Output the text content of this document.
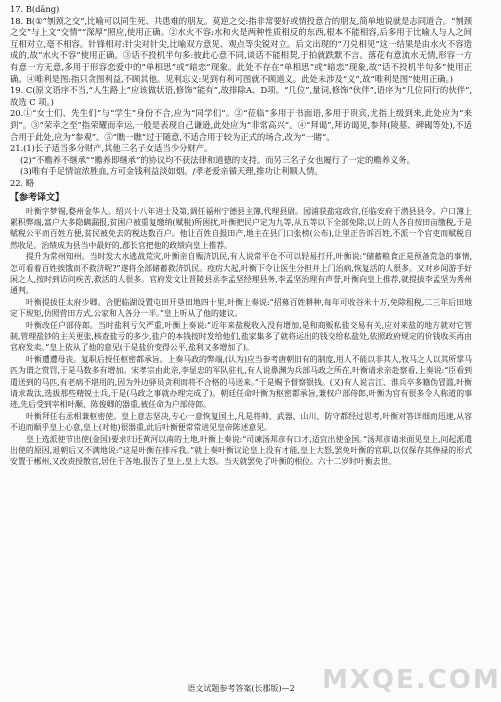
17. B(dāng)

18. B(①“刎颈之交”,比喻可以同生死、共患难的朋友。莫逆之交:指非常要好或情投意合的朋友,简单地说就是志同道合。“刎颈之交”与上文“交情”“深厚”照应,使用正确。②水火不容:水和火是两种性质相反的东西,根本不能相容,后多用于比喻人与人之间互相对立,毫不相容。针锋相对:针尖对针尖,比喻双方意见、观点等尖锐对立。后文出现的“刀兑相见”这一结果是由水火不容造成的,故“水火不容”使用正确。③话不投机半句多:彼此心意不同,谈话不能相契,于拍就跌默不言。落花有意流水无情,形容一方有意一方无意,多用于形容恋爱中的“单相思”或“暗恋”现象。此处不存在“单相思”或“暗恋”现象,故“话不投机半句多”使用正确。④唯利是图:指只贪图利益,不顾其他。见利忘义:见到有利可图就不顾道义。此处未涉及“义”,故“唯利是图”使用正确。)

19. C(原文语序不当,“人生路上”应该做状语,修饰“能有”,故排除A、D项。“几位”,量词,修饰“伙伴”,语序为“几位同行的伙伴”,故选 C 项。)

20.①“女士们、先生们”与“学生”身份不合,应为“同学们”。②“莅临”多用于书面语,多用于贵宾,尤指上级到来,此处应为“来到”。③“荣幸之至”指荣耀而幸运,一般是表现自己谦逊,此处应为“非常高兴”。④“拜谒”,拜访谒见,参拜(陵墓、碑碣等处),不适合用于此处,应为“参观”。⑤“瞧一瞧”过于随意,不适合用于较为正式的场合,改为“一睹”。

21.(1)长子适当多分财产,其他三名子女适当少分财产。

(2)“不赡养不继承”“赡养即继承”的协议均不获法律和道德的支持。而另三名子女也履行了一定的赡养义务。

(3)唯有手足情谊浓胜血,方可金钱利益淡如烟。/孝老爱亲循天理,推功让利顺人情。

22. 略

【参考译文】

叶衡字梦锡,婺州金华人。绍兴十八年进士及第,调任福州宁德县主簿,代理县尉。园浦获盐寇政官,任临安府于潜县县令。户口簿上累积弊端,富户大多隐瞒漏报,贫困户被重复缴纳(赋税)所困扰,叶衡把民户定为九等,从五等以下全部免除,以上的人各自按田亩缴税,于是赋税公平而百姓方便,贫民被免去的税达数百户。他让百姓自报田产,地主在县门口张榜(公布),让里正告诉百姓,不派一个官吏而赋税自然收足。治绩成为县当中最好的,郡长官把他的政绩向皇上推荐。

提升为常州知州。当时发大水逃战荒灾,叶衡亲自赈济饥民,有人说常平仓不可以轻易打开,叶衡说:“储蓄粮食正是预备荒急的事情,怎可看着百姓挨饿而不救济呢?”遂将全部储蓄救济饥民。疫疠大起,叶衡下令让医生分担并上门治病,恢复活的人很多。又对乡间游手好闲之人,按时到访问疾苦,救活的人很多。官府发文让晋陵县丞李孟坚经理县务,李孟坚治理有声誉,叶衡向皇上推荐,就提拔李孟坚为秀州通判。

叶衡提拔任太府少卿。合肥临湖设置屯田开垦田地四十里,叶衡上奏说:“招募百姓耕种,每年可收谷米十万,免除租税,二三年后田地定下规矩,仿照营田方式,公家和人各分一半。”皇上听从了他的建议。

叶衡改任户部侍郎。当时盐利亏欠严重,叶衡上奏说:“近年来盐税收入没有增加,是和商贩私盐交易有关,应对来盐的地方就对它管制,管理盐钞的主关更张,核查盐亏的多少,盐户的本钱按时发给他们,盐家集多了就将运出的钱交给私盐处,依照政府规定的价钱收买再由官府发卖。”皇上依从了他的意见(于是盐价变得公平,盐利又多增加了)。

叶衡遭遭母丧。复职后授任枢密都承旨。上奏马政的弊端,(认为)应当参考唐朝旧有的制度,用人不能以非其人,牧马之人以其所掌马匹为谓之赏罚,于是马数多有增加。宋孝宗由此亲,李显忠的军队驻扎,有人说鼻渊为兵部马政之所在,叶衡请求亲赴察看,上奏说:“臣看到遣送到的马匹,有老病不堪用的,因为外边驿员贪利而将不合格的马送来。”于是赐予督察银钱。(又)有人说言江、淮兵卒多籍伪冒滥,叶衡请求裁汰,选拔那些精锐士兵,于是(马政之事就办理完成了)。朝廷任命叶衡为枢密都承旨,兼权户部侍郎,叶衡为官有很多令人称道的事迹,先后受到宰相叶颙、陈俊卿的器重,被任命为户部侍郎。

叶衡拜任右丞相兼枢密使。皇上意志坚决,专心一意恢复国土,凡是将帅、武器、山川、防守都经过思考,叶衡对答详细而迅速,从容不迫而顺乎皇上心意,皇上(对他)很器重,此后叶衡便常常进见皇帝陈述意见。

皇上选派使节出使(金国)要求归还黄河以南的土地,叶衡上奏说:“司谏汤邦彦有口才,适宜出使金国。”汤邦彦请求面见皇上,问起派遣出使的原因,退朝后又不满地说:“这是叶衡在排斥我。”就上奏叶衡议论皇上没有才能,皇上大怒,罢免叶衡的官职,以仅保存其俸禄的形式安置于郴州,又改责授散官,居住于各地,报告了皇上,皇上大怒。当天就罢免了叶衡的相位。六十二岁时叶衡去世。

语文试题参考答案(长郡版)—2	MXQE.COM
